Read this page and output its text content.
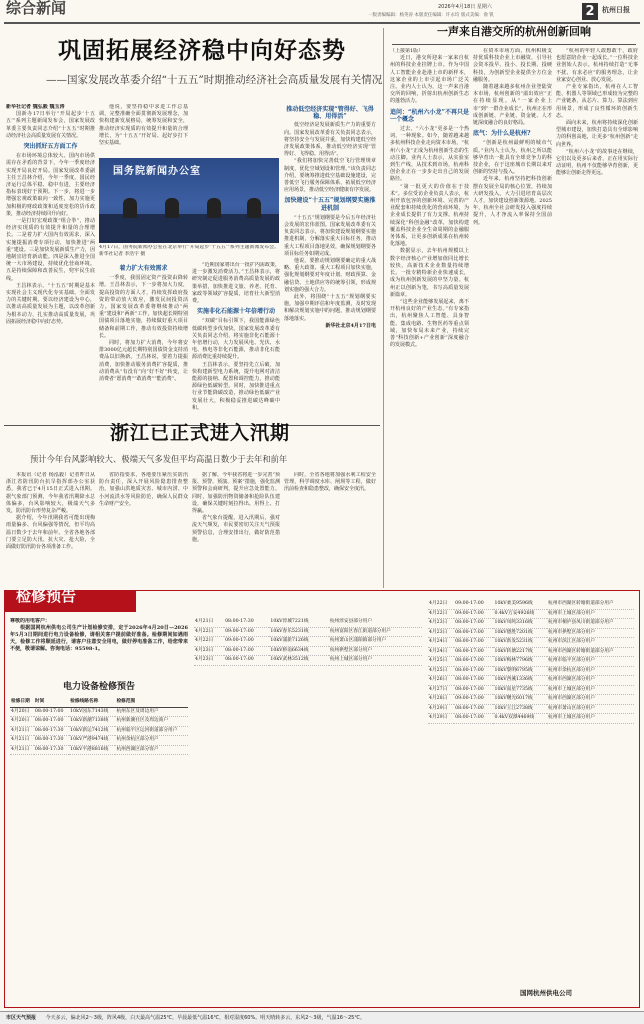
综合新闻	2026年4月18日 星期六
一版责编编辑：杨英涛 本版责任编辑：许永均 版式美编：俞 钒	2	杭州日报
巩固拓展经济稳中向好态势
——国家发展改革委介绍“十五五”时期推动经济社会高质量发展有关情况
新华社记者 魏弘毅 魏玉涛
国新办17日举行“开局起步‘十五五’”系列主题新闻发布会，国家发展改革委主要负责同志介绍“十五五”时期推动经济社会高质量发展有关情况。
突出抓好五方面工作
在市场环境总体较大、国内市场供需存在矛盾的背景下，今年一季度经济实现开局良好开局。国家发展改革委副主任王昌林介绍，今年一季度，国民经济运行总体平稳、稳中有进，主要经济指标表现好于预期。下一步，将进一步增强宏观政策取向一致性，加力实施更加积极的财政政策和适度宽松的货币政策，推动经济持续回升向好。
一是打好宏观政策“组合拳”，推动经济实现质的有效提升和量的合理增长。二是着力扩大国内有效需求，深入实施提振消费专项行动，加快推进“两重”建设。三是加快发展新质生产力，因地制宜培育新动能。四是深入推进全国统一大市场建设，持续优化营商环境。五是持续保障和改善民生，兜牢民生底线。
王昌林表示，“十五五”时期是基本实现社会主义现代化夯实基础、全面发力的关键时期。要以经济建设为中心，以推动高质量发展为主题，以改革创新为根本动力，扎实推动高质量发展，巩固拓展经济稳中向好态势。
他说，要坚持稳中求进工作总基调，完整准确全面贯彻新发展理念，加快构建新发展格局，统筹发展和安全，推动经济实现质的有效提升和量的合理增长，为“十五五”开好局、起好步打下坚实基础。
国务院新闻办公室
4月17日，国务院新闻办公室在北京举行“开局起步‘十五五’”系列主题新闻发布会。新华社记者 李浩宇 摄
着力扩大有效需求
一季度，我国固定资产投资由降转增。王昌林表示，下一步将加大力度，提高投资的方面人才，持续发挥政府投资的带动放大效应，激发民间投资活力。国家发展改革委将继续推动“两重”建设和“两新”工作，加快超长期特别国债项目落地实施，持续做好重大项目储备和前期工作，推动有效投资持续增长。
同时，将加力扩大消费，今年将安排3000亿元超长期特别国债资金支持消费品以旧换新。王昌林说，要着力提振消费，加快推动服务消费扩容提质，推动消费从“有没有”向“好不好”转变，让消费者“愿消费”“敢消费”“能消费”。
“近期国家将出台一批扩内需政策，进一步激发消费活力。”王昌林表示，将研究制定促进服务消费高质量发展的政策举措，加快推进文旅、养老、托育、家政等领域扩容提质，培育壮大新型消费。
实施非化石能源十年倍增行动
“双碳”目标引领下，我国能源绿色低碳转型步伐加快。国家发展改革委有关负责同志介绍，将实施非化石能源十年倍增行动，大力发展风电、光伏、水电、核电等非化石能源，推动非化石能源消费比重持续提升。
王昌林表示，要坚持先立后破，加快构建新型电力系统，提升电网对清洁能源的接纳、配置和调控能力，推动能源绿色低碳转型。同时，加快推进重点行业节能降碳改造，推动绿色低碳产业发展壮大，积极稳妥推进碳达峰碳中和。
推动低空经济实现“管得好、飞得稳、用得活”
低空经济是发展新质生产力的重要方向。国家发展改革委有关负责同志表示，将坚持安全与发展并重，加快构建低空经济发展政策体系，推动低空经济实现“管得好、飞得稳、用得活”。
“我们将加快完善低空飞行管理规章制度，优化空域划设和管理。”该负责同志介绍，要统筹推进低空基础设施建设，完善低空飞行服务保障体系，拓展低空经济应用场景，推动低空经济健康有序发展。
加快建设“十五五”规划纲要实施推进机制
“十五五”规划纲要是今后五年经济社会发展的宏伟蓝图。国家发展改革委有关负责同志表示，将加快建设规划纲要实施推进机制，分解落实重大目标任务，推动重大工程项目落地见效，确保规划纲要各项目标任务如期完成。
他说，要推动规划纲要确定的重大战略、重大政策、重大工程项目加快实施，强化规划纲要对年度计划、财政预算、金融信贷、土地供应等的统筹引领，形成规划实施的强大合力。
此外，将围绕“十五五”规划纲要实施，加强中期评估和年度监测，及时发现和解决规划实施中的问题，推动规划纲要落地落实。
新华社北京4月17日电
一声来自港交所的杭州创新回响
（上接第1版）
近日，港交所迎来一家来自杭州的科技企业挂牌上市。作为中国人工智能企业赴港上市的新样本，这家企业的上市引起市场广泛关注。业内人士认为，这一声来自港交所的回响，折射出杭州创新生态的蓬勃活力。
追问：“杭州六小龙”不再只是一个概念
过去，“六小龙”更多是一个热词，一种现象。如今，随着越来越多杭州科技企业走向资本市场，“杭州六小龙”正成为杭州创新生态的生动注脚。业内人士表示，从实验室到生产线，从技术到市场，杭州科创企业正在一步步走出自己的发展路径。
“第一批更大的价值在于技术”。多位受访企业负责人表示，杭州开放包容的创新环境、完善的产业配套和持续优化的营商环境，为企业成长提供了有力支撑。杭州持续深化“科创金融”改革，加快构建覆盖科技企业全生命周期的金融服务体系，让更多创新成果在杭州转化落地。
数据显示，去年杭州规模以上数字经济核心产业增加值同比增长较快，高新技术企业数量持续增长。一批专精特新企业快速成长，成为杭州创新发展的中坚力量。杭州正以创新为笔，书写高质量发展新篇章。
“这些企业能够发展起来，离不开杭州良好的产业生态。”有专家指出，杭州聚焦人工智能、具身智能、集成电路、生物医药等重点领域，加快布局未来产业，持续完善“科技创新+产业创新”深度融合的发展模式。
在资本市场方面，杭州积极支持优质科技企业上市融资，引导社会资本投早、投小、投长期、投硬科技，为创新型企业提供全方位金融服务。
随着越来越多杭州企业登陆资本市场，杭州创新的“溢出效应”正在持续显现。从“一家企业上市”到“一群企业成长”，杭州正在形成创新链、产业链、资金链、人才链深度融合的良好格局。
底气：为什么是杭州?
“创新是杭州最鲜明的城市气质。”业内人士认为，杭州之所以能够孕育出一批具有全球竞争力的科技企业，在于这座城市长期以来对创新的坚持与投入。
近年来，杭州坚持把科技创新摆在发展全局的核心位置，持续加大研发投入，大力引进培育高层次人才，加快建设创新策源地。2025年，杭州全社会研发投入强度持续提升，人才净流入率保持全国前列。
“杭州的年轻人敢想敢干，政府也愿意陪企业一起成长。”一位科技企业创始人表示。杭州持续打造“无事不扰、有求必应”的服务理念，让企业家安心创业、放心发展。
产业专家指出，杭州在人工智能、机器人等领域已形成较为完整的产业链条，从芯片、算力、算法到应用场景，形成了良性循环的创新生态。
面向未来，杭州将持续深化创新型城市建设，加快打造具有全球影响力的科创高地，让更多“杭州创新”走向世界。
“杭州六小龙”的故事还在继续，它们以及更多后来者，正在用实际行动证明，杭州不仅能够孕育创新，更能够让创新走得更远。
浙江已正式进入汛期
预计今年台风影响较大、极端天气多发但平均高温日数少于去年和前年
本报讯（记者 杨泓毅）记者昨日从浙江省防汛防台抗旱指挥部办公室获悉，我省已于4月15日正式进入汛期。据气象部门预测，今年我省汛期降水总体偏多，台风影响较大，极端天气多发，防汛防台形势复杂严峻。
据介绍，今年汛期我省可能出现梅雨量偏多、台风偏强等情况，但平均高温日数少于去年和前年。全省各地各部门要立足防大汛、抗大灾、抢大险，全面做好防汛防台各项准备工作。
省防指要求，各地要压紧压实防汛防台责任，深入开展风险隐患排查整治，加强山洪地质灾害、城市内涝、中小河流洪水等风险防范，确保人民群众生命财产安全。
据了解，今年我省将进一步完善“预报、预警、预演、预案”措施，强化监测预警和会商研判，提升应急处置能力。同时，加强防汛物资储备和抢险队伍建设，确保关键时刻拉得出、用得上、打得赢。
省气象台提醒，进入汛期后，强对流天气频发，市民要密切关注天气预报预警信息，合理安排出行，做好防范措施。
同时，全省各地将加强水利工程安全管理，科学调度水库、闸坝等工程，做好汛前检查和隐患整改，确保安全度汛。
检修预告
尊敬的用电客户：
根据国网杭州供电公司生产计划检修安排，定于2026年4月20日—2026年5月3日期间进行电力设备检修，请相关客户提前做好准备。检修期间如遇雨天，检修工作将顺延进行，请客户注意安全用电，做好停电准备工作，给您带来不便，敬请谅解。咨询电话：95598-1。
电力设备检修预告
检修日期	时间	检修线路名称	检修范围
4月20日	08:00-17:00	10kV园东7143线	杭州东区及周边用户
4月20日	08:00-17:00	10kV新潮7138线	杭州新潮社区及周边商户
4月21日	08:00-17:30	10kV新运7412线	杭州临平区运河街道部分用户
4月21日	08:00-17:30	10kV严港9474线	杭州余杭区部分用户
4月21日	08:00-17:30	10kV平港8816线	杭州西湖区部分客户
4月21日	08:00-17:30	10kV淳城7221线	杭州淳安县部分用户
4月22日	09:00-17:00	10kV春乐5231线	杭州富阳区春江街道部分用户
4月22日	09:00-17:00	10kV浦新7126线	杭州萧山区浦阳镇部分用户
4月23日	08:00-17:00	10kV桥南6634线	杭州拱墅区部分用户
4月23日	08:00-17:00	10kV武林3512线	杭州上城区部分用户
4月22日	09:00-17:00	10kV柔美9596线	杭州市西湖区转塘街道部分用户
4月22日	09:00-17:00	0.4kV万安4926线	杭州市上城区部分用户
4月23日	08:00-17:00	10kV凤鸣3316线	杭州市桐庐县凤川街道部分用户
4月23日	08:00-17:00	10kV德胜7201线	杭州市拱墅区部分用户
4月24日	08:00-17:00	10kV新发5231线	杭州市滨江区部分用户
4月24日	08:00-17:00	10kV转塘2217线	杭州市西湖区转塘街道部分用户
4月25日	08:00-17:00	10kV梅林7796线	杭州市临平区部分用户
4月25日	08:00-17:00	10kV黎明6795线	杭州市余杭区部分用户
4月26日	08:00-17:00	10kV西溪1336线	杭州市西湖区部分用户
4月27日	08:00-17:00	10kV南星7735线	杭州市上城区部分用户
4月28日	09:00-17:00	10kV曙光6017线	杭州市西湖区部分用户
4月29日	08:00-17:00	10kV王江2738线	杭州市萧山区部分用户
4月29日	08:00-17:00	0.4kV双潭4469线	杭州市上城区部分用户
国网杭州供电公司
市区天气预报 今天多云，偏北风2～3级，阵风4级，白天最高气温25℃，早晨最低气温16℃，相对湿度60%。明天晴转多云，东风2～3级，气温16～25℃。
